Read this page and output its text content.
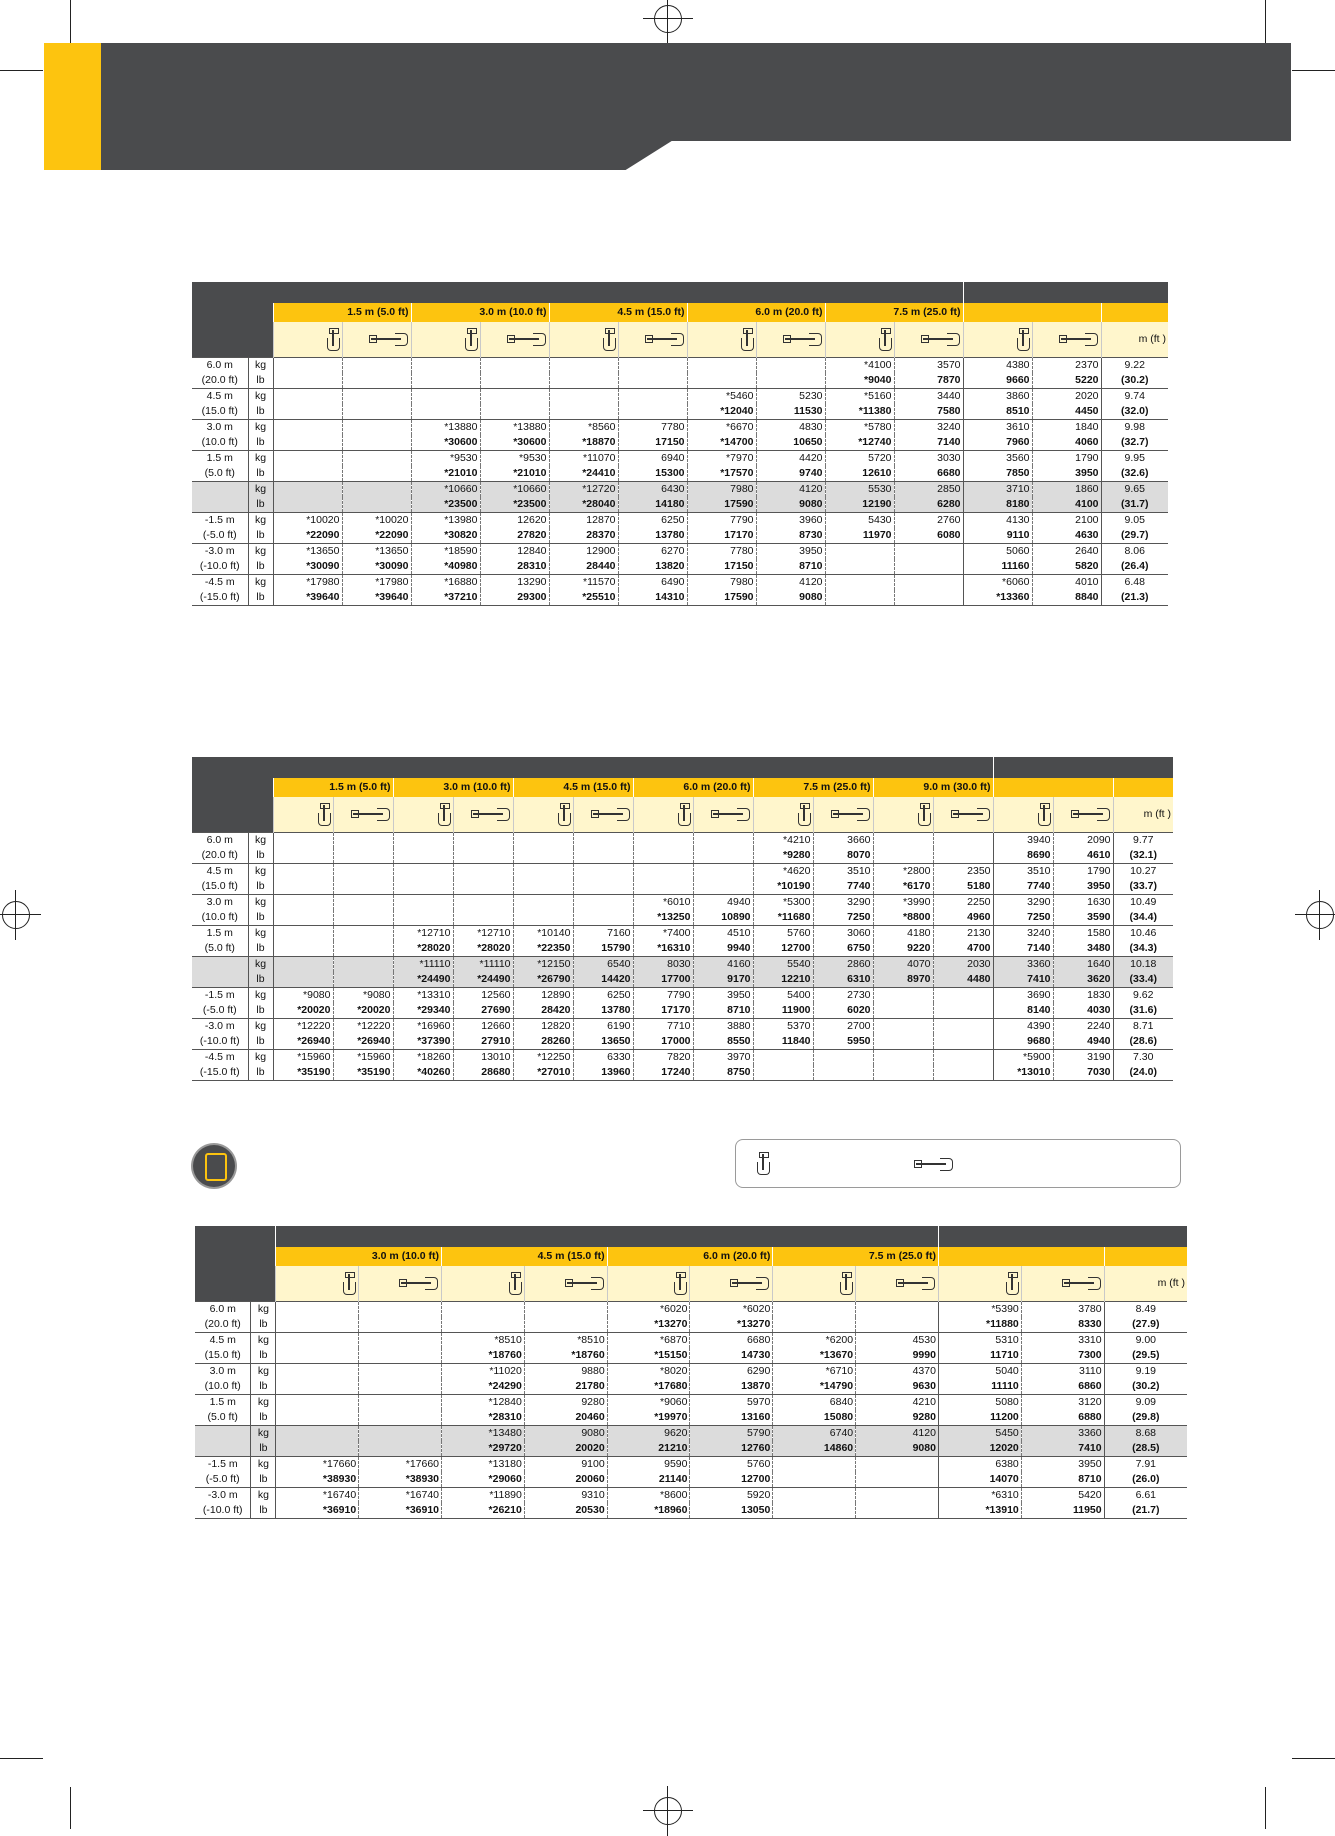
		1.5 m (5.0 ft)		3.0 m (10.0 ft)		4.5 m (15.0 ft)		6.0 m (20.0 ft)		7.5 m (25.0 ft)				

			m (ft )
6.0 m	kg									*4100	3570	4380	2370	9.22
(20.0 ft)	lb									*9040	7870	9660	5220	(30.2)
4.5 m	kg							*5460	5230	*5160	3440	3860	2020	9.74
(15.0 ft)	lb							*12040	11530	*11380	7580	8510	4450	(32.0)
3.0 m	kg			*13880	*13880	*8560	7780	*6670	4830	*5780	3240	3610	1840	9.98
(10.0 ft)	lb			*30600	*30600	*18870	17150	*14700	10650	*12740	7140	7960	4060	(32.7)
1.5 m	kg			*9530	*9530	*11070	6940	*7970	4420	5720	3030	3560	1790	9.95
(5.0 ft)	lb			*21010	*21010	*24410	15300	*17570	9740	12610	6680	7850	3950	(32.6)
	kg			*10660	*10660	*12720	6430	7980	4120	5530	2850	3710	1860	9.65
	lb			*23500	*23500	*28040	14180	17590	9080	12190	6280	8180	4100	(31.7)
-1.5 m	kg	*10020	*10020	*13980	12620	12870	6250	7790	3960	5430	2760	4130	2100	9.05
(-5.0 ft)	lb	*22090	*22090	*30820	27820	28370	13780	17170	8730	11970	6080	9110	4630	(29.7)
-3.0 m	kg	*13650	*13650	*18590	12840	12900	6270	7780	3950			5060	2640	8.06
(-10.0 ft)	lb	*30090	*30090	*40980	28310	28440	13820	17150	8710			11160	5820	(26.4)
-4.5 m	kg	*17980	*17980	*16880	13290	*11570	6490	7980	4120			*6060	4010	6.48
(-15.0 ft)	lb	*39640	*39640	*37210	29300	*25510	14310	17590	9080			*13360	8840	(21.3)

		1.5 m (5.0 ft)		3.0 m (10.0 ft)		4.5 m (15.0 ft)		6.0 m (20.0 ft)		7.5 m (25.0 ft)		9.0 m (30.0 ft)				

			m (ft )
6.0 m	kg									*4210	3660			3940	2090	9.77
(20.0 ft)	lb									*9280	8070			8690	4610	(32.1)
4.5 m	kg									*4620	3510	*2800	2350	3510	1790	10.27
(15.0 ft)	lb									*10190	7740	*6170	5180	7740	3950	(33.7)
3.0 m	kg							*6010	4940	*5300	3290	*3990	2250	3290	1630	10.49
(10.0 ft)	lb							*13250	10890	*11680	7250	*8800	4960	7250	3590	(34.4)
1.5 m	kg			*12710	*12710	*10140	7160	*7400	4510	5760	3060	4180	2130	3240	1580	10.46
(5.0 ft)	lb			*28020	*28020	*22350	15790	*16310	9940	12700	6750	9220	4700	7140	3480	(34.3)
	kg			*11110	*11110	*12150	6540	8030	4160	5540	2860	4070	2030	3360	1640	10.18
	lb			*24490	*24490	*26790	14420	17700	9170	12210	6310	8970	4480	7410	3620	(33.4)
-1.5 m	kg	*9080	*9080	*13310	12560	12890	6250	7790	3950	5400	2730			3690	1830	9.62
(-5.0 ft)	lb	*20020	*20020	*29340	27690	28420	13780	17170	8710	11900	6020			8140	4030	(31.6)
-3.0 m	kg	*12220	*12220	*16960	12660	12820	6190	7710	3880	5370	2700			4390	2240	8.71
(-10.0 ft)	lb	*26940	*26940	*37390	27910	28260	13650	17000	8550	11840	5950			9680	4940	(28.6)
-4.5 m	kg	*15960	*15960	*18260	13010	*12250	6330	7820	3970					*5900	3190	7.30
(-15.0 ft)	lb	*35190	*35190	*40260	28680	*27010	13960	17240	8750					*13010	7030	(24.0)

		3.0 m (10.0 ft)		4.5 m (15.0 ft)		6.0 m (20.0 ft)		7.5 m (25.0 ft)				

			m (ft )
6.0 m	kg					*6020	*6020			*5390	3780	8.49
(20.0 ft)	lb					*13270	*13270			*11880	8330	(27.9)
4.5 m	kg			*8510	*8510	*6870	6680	*6200	4530	5310	3310	9.00
(15.0 ft)	lb			*18760	*18760	*15150	14730	*13670	9990	11710	7300	(29.5)
3.0 m	kg			*11020	9880	*8020	6290	*6710	4370	5040	3110	9.19
(10.0 ft)	lb			*24290	21780	*17680	13870	*14790	9630	11110	6860	(30.2)
1.5 m	kg			*12840	9280	*9060	5970	6840	4210	5080	3120	9.09
(5.0 ft)	lb			*28310	20460	*19970	13160	15080	9280	11200	6880	(29.8)
	kg			*13480	9080	9620	5790	6740	4120	5450	3360	8.68
	lb			*29720	20020	21210	12760	14860	9080	12020	7410	(28.5)
-1.5 m	kg	*17660	*17660	*13180	9100	9590	5760			6380	3950	7.91
(-5.0 ft)	lb	*38930	*38930	*29060	20060	21140	12700			14070	8710	(26.0)
-3.0 m	kg	*16740	*16740	*11890	9310	*8600	5920			*6310	5420	6.61
(-10.0 ft)	lb	*36910	*36910	*26210	20530	*18960	13050			*13910	11950	(21.7)
